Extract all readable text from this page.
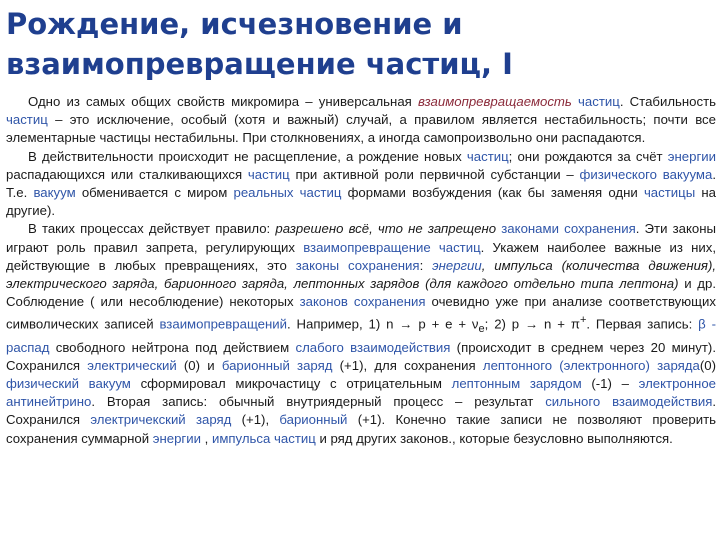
Рождение, исчезновение и
взаимопревращение частиц, I

Одно из самых общих свойств микромира – универсальная взаимопревращаемость частиц. Стабильность частиц – это исключение, особый (хотя и важный) случай, а правилом является нестабильность; почти все элементарные частицы нестабильны. При столкновениях, а иногда самопроизвольно они распадаются.

В действительности происходит не расщепление, а рождение новых частиц; они рождаются за счёт энергии распадающихся или сталкивающихся частиц при активной роли первичной субстанции – физического вакуума. Т.е. вакуум обменивается с миром реальных частиц формами возбуждения (как бы заменяя одни частицы на другие).

В таких процессах действует правило: разрешено всё, что не запрещено законами сохранения. Эти законы играют роль правил запрета, регулирующих взаимопревращение частиц. Укажем наиболее важные из них, действующие в любых превращениях, это законы сохранения: энергии, импульса (количества движения), электрического заряда, барионного заряда, лептонных зарядов (для каждого отдельно типа лептона) и др. Соблюдение ( или несоблюдение) некоторых законов сохранения очевидно уже при анализе соответствующих символических записей взаимопревращений. Например, 1) $n \to p + e + \nu_e$; 2) p → n + π+. Первая запись: β - распад свободного нейтрона под действием слабого взаимодействия (происходит в среднем через 20 минут). Сохранился электрический (0) и барионный заряд (+1), для сохранения лептонного (электронного) заряда(0) физический вакуум сформировал микрочастицу с отрицательным лептонным зарядом (-1) – электронное антинейтрино. Вторая запись: обычный внутриядерный процесс – результат сильного взаимодействия. Сохранился электричекский заряд (+1), барионный (+1). Конечно такие записи не позволяют проверить сохранения суммарной энергии , импульса частиц и ряд других законов., которые безусловно выполняются.
